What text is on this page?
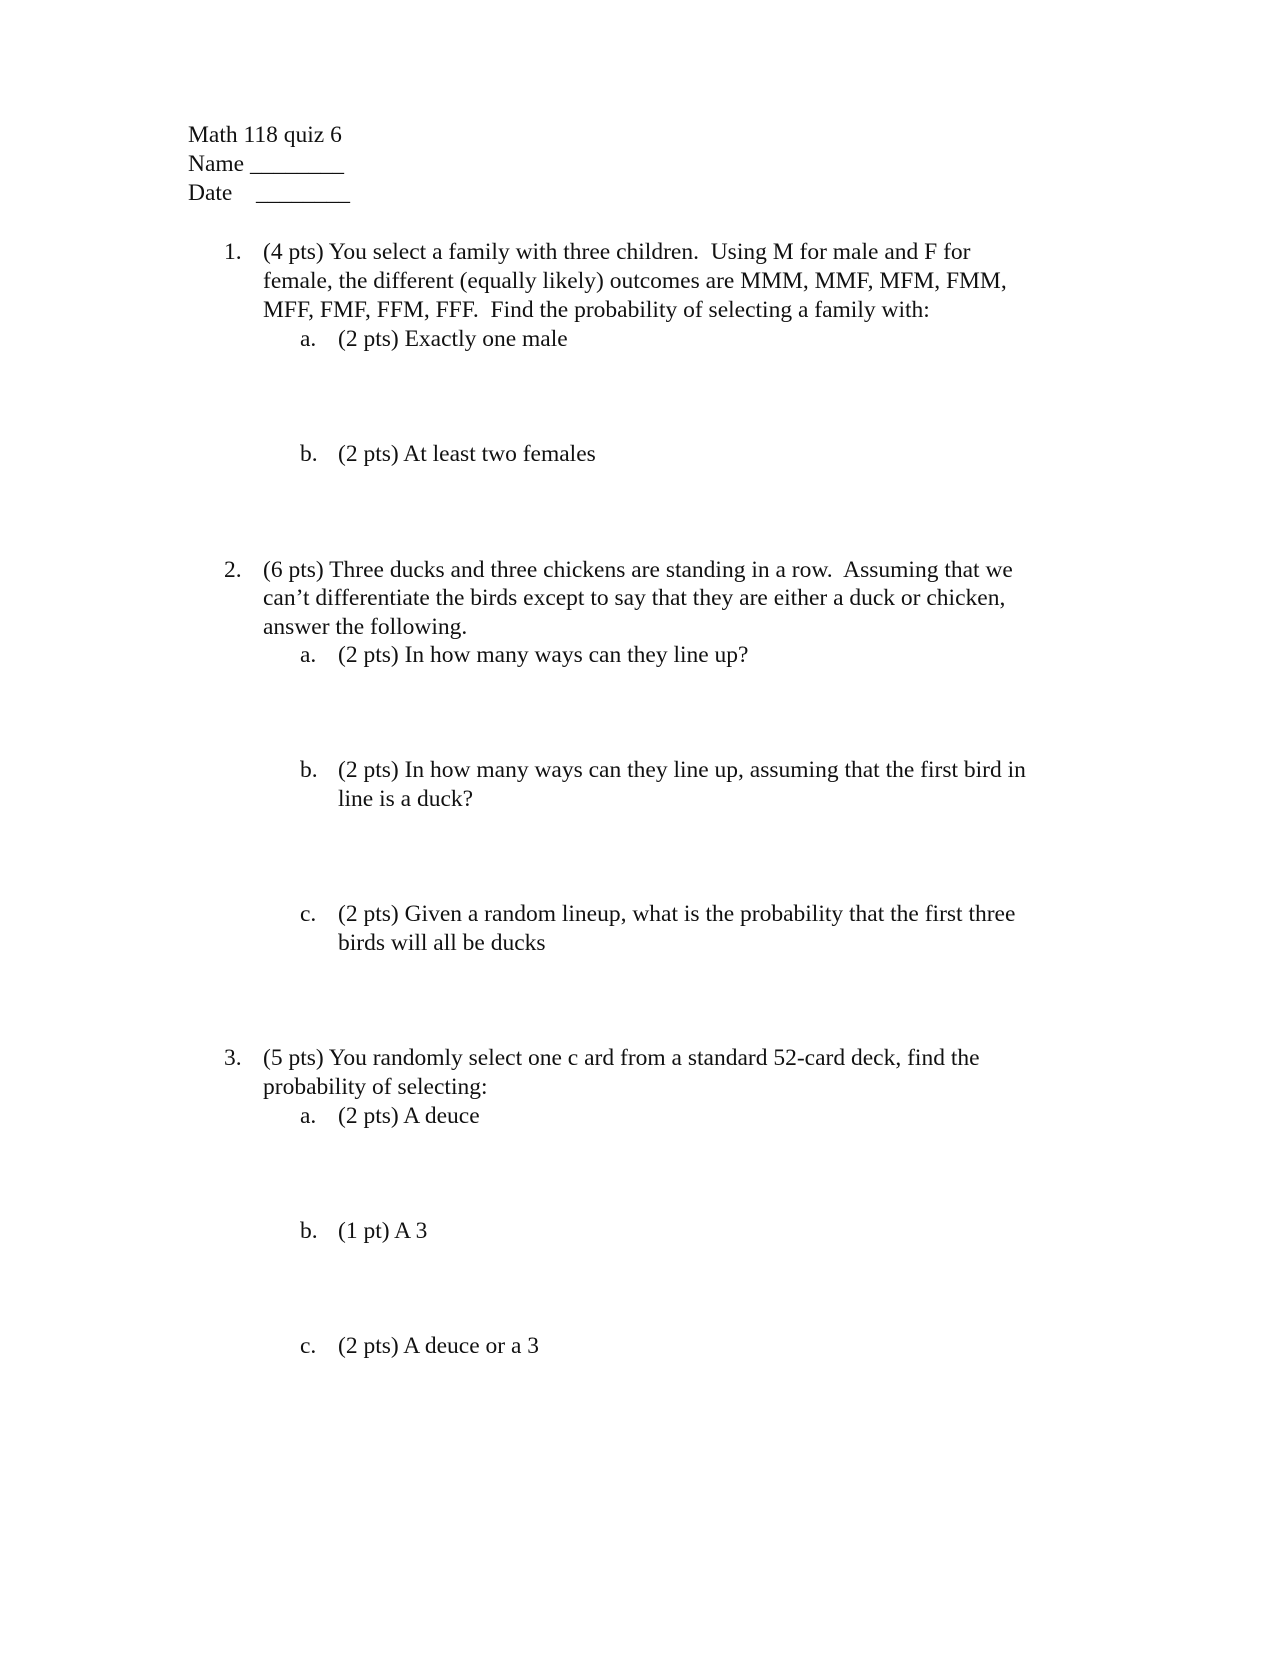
Math 118 quiz 6
Name ________
Date ________
1. (4 pts) You select a family with three children.  Using M for male and F for
female, the different (equally likely) outcomes are MMM, MMF, MFM, FMM,
MFF, FMF, FFM, FFF.  Find the probability of selecting a family with:
a. (2 pts) Exactly one male
b. (2 pts) At least two females
2. (6 pts) Three ducks and three chickens are standing in a row.  Assuming that we
can’t differentiate the birds except to say that they are either a duck or chicken,
answer the following.
a. (2 pts) In how many ways can they line up?
b. (2 pts) In how many ways can they line up, assuming that the first bird in
line is a duck?
c. (2 pts) Given a random lineup, what is the probability that the first three
birds will all be ducks
3. (5 pts) You randomly select one c ard from a standard 52-card deck, find the
probability of selecting:
a. (2 pts) A deuce
b. (1 pt) A 3
c. (2 pts) A deuce or a 3
